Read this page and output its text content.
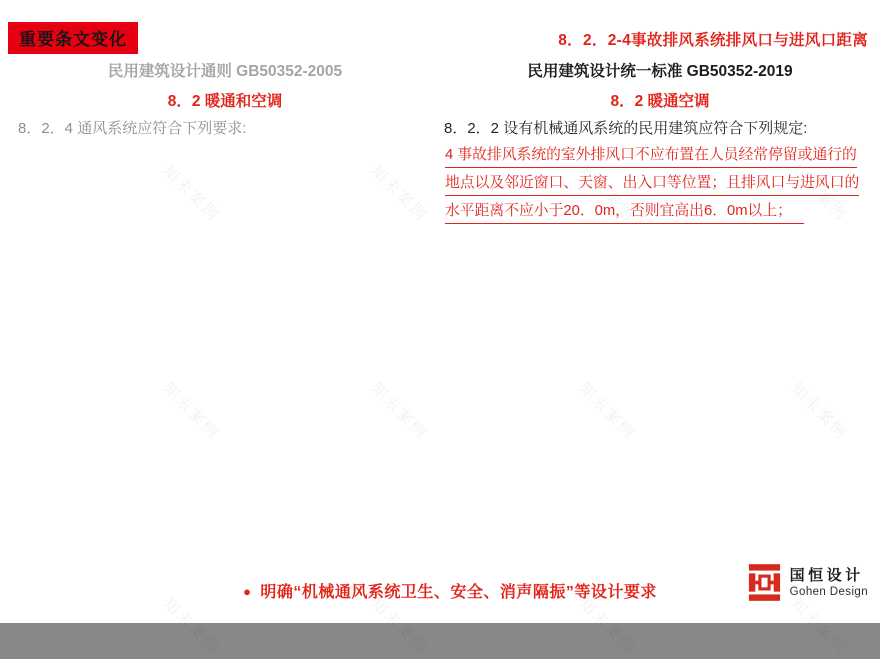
知末案例	知末案例	知末案例	知末案例
知末案例	知末案例	知末案例	知末案例
知末案例	知末案例	知末案例	知末案例
重要条文变化	8．2．2-4事故排风系统排风口与进风口距离
民用建筑设计通则 GB50352-2005
8．2 暖通和空调
8．2．4 通风系统应符合下列要求:
民用建筑设计统一标准 GB50352-2019
8．2 暖通空调
8．2．2 设有机械通风系统的民用建筑应符合下列规定:
4 事故排风系统的室外排风口不应布置在人员经常停留或通行的
地点以及邻近窗口、天窗、出入口等位置；且排风口与进风口的
水平距离不应小于20．0m，否则宜高出6．0m以上；
● 明确“机械通风系统卫生、安全、消声隔振”等设计要求
国恒设计
Gohen Design
